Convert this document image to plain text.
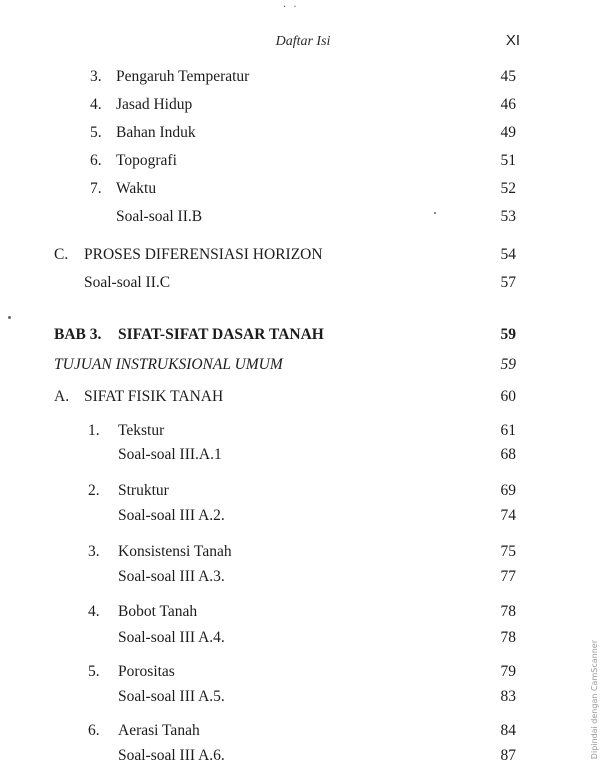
· ·
Daftar Isi	XI
3. Pengaruh Temperatur	45
4. Jasad Hidup	46
5. Bahan Induk	49
6. Topografi	51
7. Waktu	52
Soal-soal II.B	53
C. PROSES DIFERENSIASI HORIZON	54
Soal-soal II.C	57
BAB 3. SIFAT-SIFAT DASAR TANAH	59
TUJUAN INSTRUKSIONAL UMUM	59
A. SIFAT FISIK TANAH	60
1. Tekstur	61
Soal-soal III.A.1	68
2. Struktur	69
Soal-soal III A.2.	74
3. Konsistensi Tanah	75
Soal-soal III A.3.	77
4. Bobot Tanah	78
Soal-soal III A.4.	78
5. Porositas	79
Soal-soal III A.5.	83
6. Aerasi Tanah	84
Soal-soal III A.6.	87	Dipindai dengan CamScanner
